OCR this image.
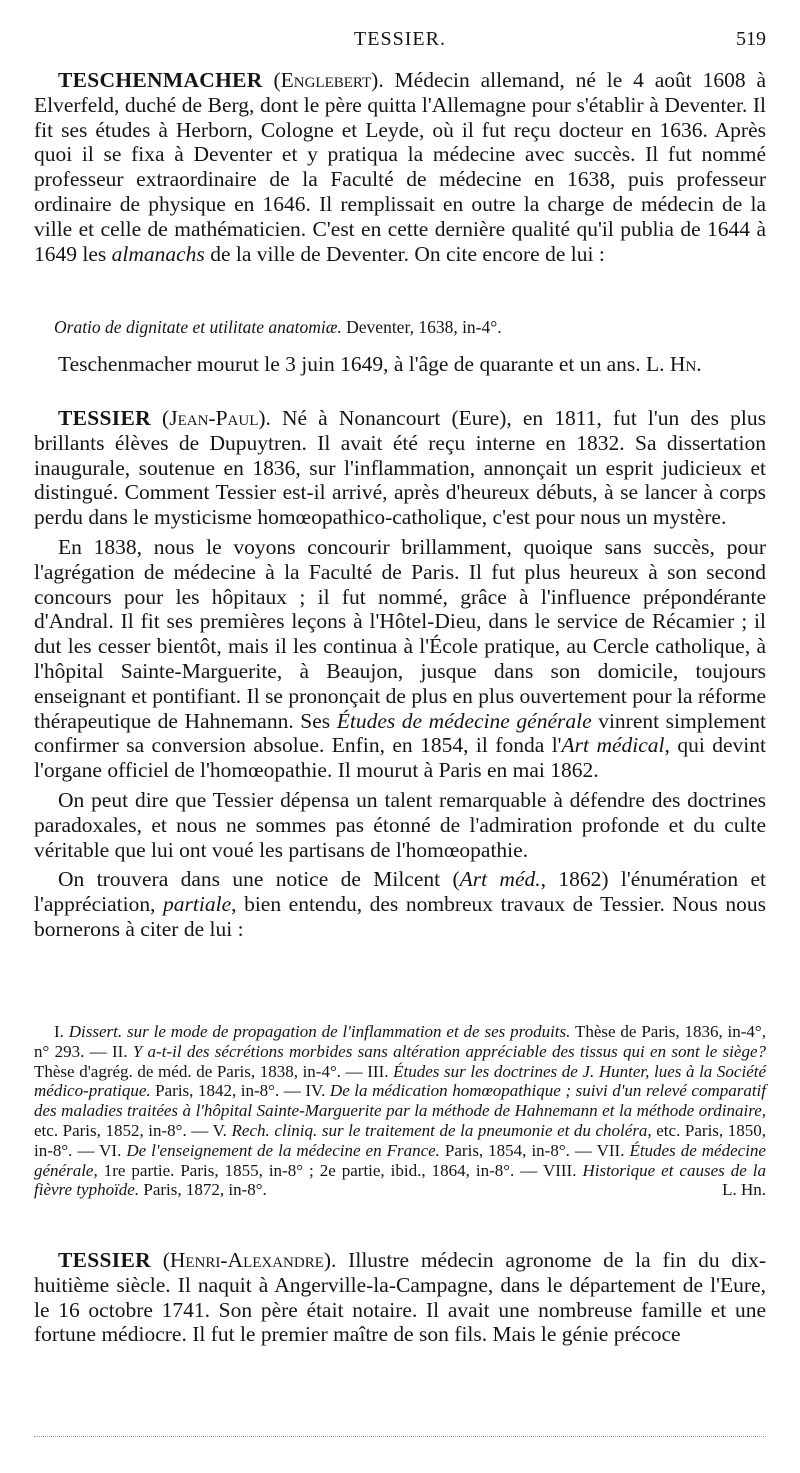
TESSIER.	519

TESCHENMACHER (Englebert). Médecin allemand, né le 4 août 1608 à Elverfeld, duché de Berg, dont le père quitta l'Allemagne pour s'établir à Deventer. Il fit ses études à Herborn, Cologne et Leyde, où il fut reçu docteur en 1636. Après quoi il se fixa à Deventer et y pratiqua la médecine avec succès. Il fut nommé professeur extraordinaire de la Faculté de médecine en 1638, puis professeur ordinaire de physique en 1646. Il remplissait en outre la charge de médecin de la ville et celle de mathématicien. C'est en cette dernière qualité qu'il publia de 1644 à 1649 les almanachs de la ville de Deventer. On cite encore de lui :

Oratio de dignitate et utilitate anatomiæ. Deventer, 1638, in-4°.

Teschenmacher mourut le 3 juin 1649, à l'âge de quarante et un ans. L. Hn.

TESSIER (Jean-Paul). Né à Nonancourt (Eure), en 1811, fut l'un des plus brillants élèves de Dupuytren. Il avait été reçu interne en 1832. Sa dissertation inaugurale, soutenue en 1836, sur l'inflammation, annonçait un esprit judicieux et distingué. Comment Tessier est-il arrivé, après d'heureux débuts, à se lancer à corps perdu dans le mysticisme homœopathico-catholique, c'est pour nous un mystère.

En 1838, nous le voyons concourir brillamment, quoique sans succès, pour l'agrégation de médecine à la Faculté de Paris. Il fut plus heureux à son second concours pour les hôpitaux ; il fut nommé, grâce à l'influence prépondérante d'Andral. Il fit ses premières leçons à l'Hôtel-Dieu, dans le service de Récamier ; il dut les cesser bientôt, mais il les continua à l'École pratique, au Cercle catholique, à l'hôpital Sainte-Marguerite, à Beaujon, jusque dans son domicile, toujours enseignant et pontifiant. Il se prononçait de plus en plus ouvertement pour la réforme thérapeutique de Hahnemann. Ses Études de médecine générale vinrent simplement confirmer sa conversion absolue. Enfin, en 1854, il fonda l'Art médical, qui devint l'organe officiel de l'homœopathie. Il mourut à Paris en mai 1862.

On peut dire que Tessier dépensa un talent remarquable à défendre des doctrines paradoxales, et nous ne sommes pas étonné de l'admiration profonde et du culte véritable que lui ont voué les partisans de l'homœopathie.

On trouvera dans une notice de Milcent (Art méd., 1862) l'énumération et l'appréciation, partiale, bien entendu, des nombreux travaux de Tessier. Nous nous bornerons à citer de lui :

I. Dissert. sur le mode de propagation de l'inflammation et de ses produits. Thèse de Paris, 1836, in-4°, n° 293. — II. Y a-t-il des sécrétions morbides sans altération appréciable des tissus qui en sont le siège? Thèse d'agrég. de méd. de Paris, 1838, in-4°. — III. Études sur les doctrines de J. Hunter, lues à la Société médico-pratique. Paris, 1842, in-8°. — IV. De la médication homœopathique ; suivi d'un relevé comparatif des maladies traitées à l'hôpital Sainte-Marguerite par la méthode de Hahnemann et la méthode ordinaire, etc. Paris, 1852, in-8°. — V. Rech. cliniq. sur le traitement de la pneumonie et du choléra, etc. Paris, 1850, in-8°. — VI. De l'enseignement de la médecine en France. Paris, 1854, in-8°. — VII. Études de médecine générale, 1re partie. Paris, 1855, in-8° ; 2e partie, ibid., 1864, in-8°. — VIII. Historique et causes de la fièvre typhoïde. Paris, 1872, in-8°.	L. Hn.

TESSIER (Henri-Alexandre). Illustre médecin agronome de la fin du dix-huitième siècle. Il naquit à Angerville-la-Campagne, dans le département de l'Eure, le 16 octobre 1741. Son père était notaire. Il avait une nombreuse famille et une fortune médiocre. Il fut le premier maître de son fils. Mais le génie précoce
